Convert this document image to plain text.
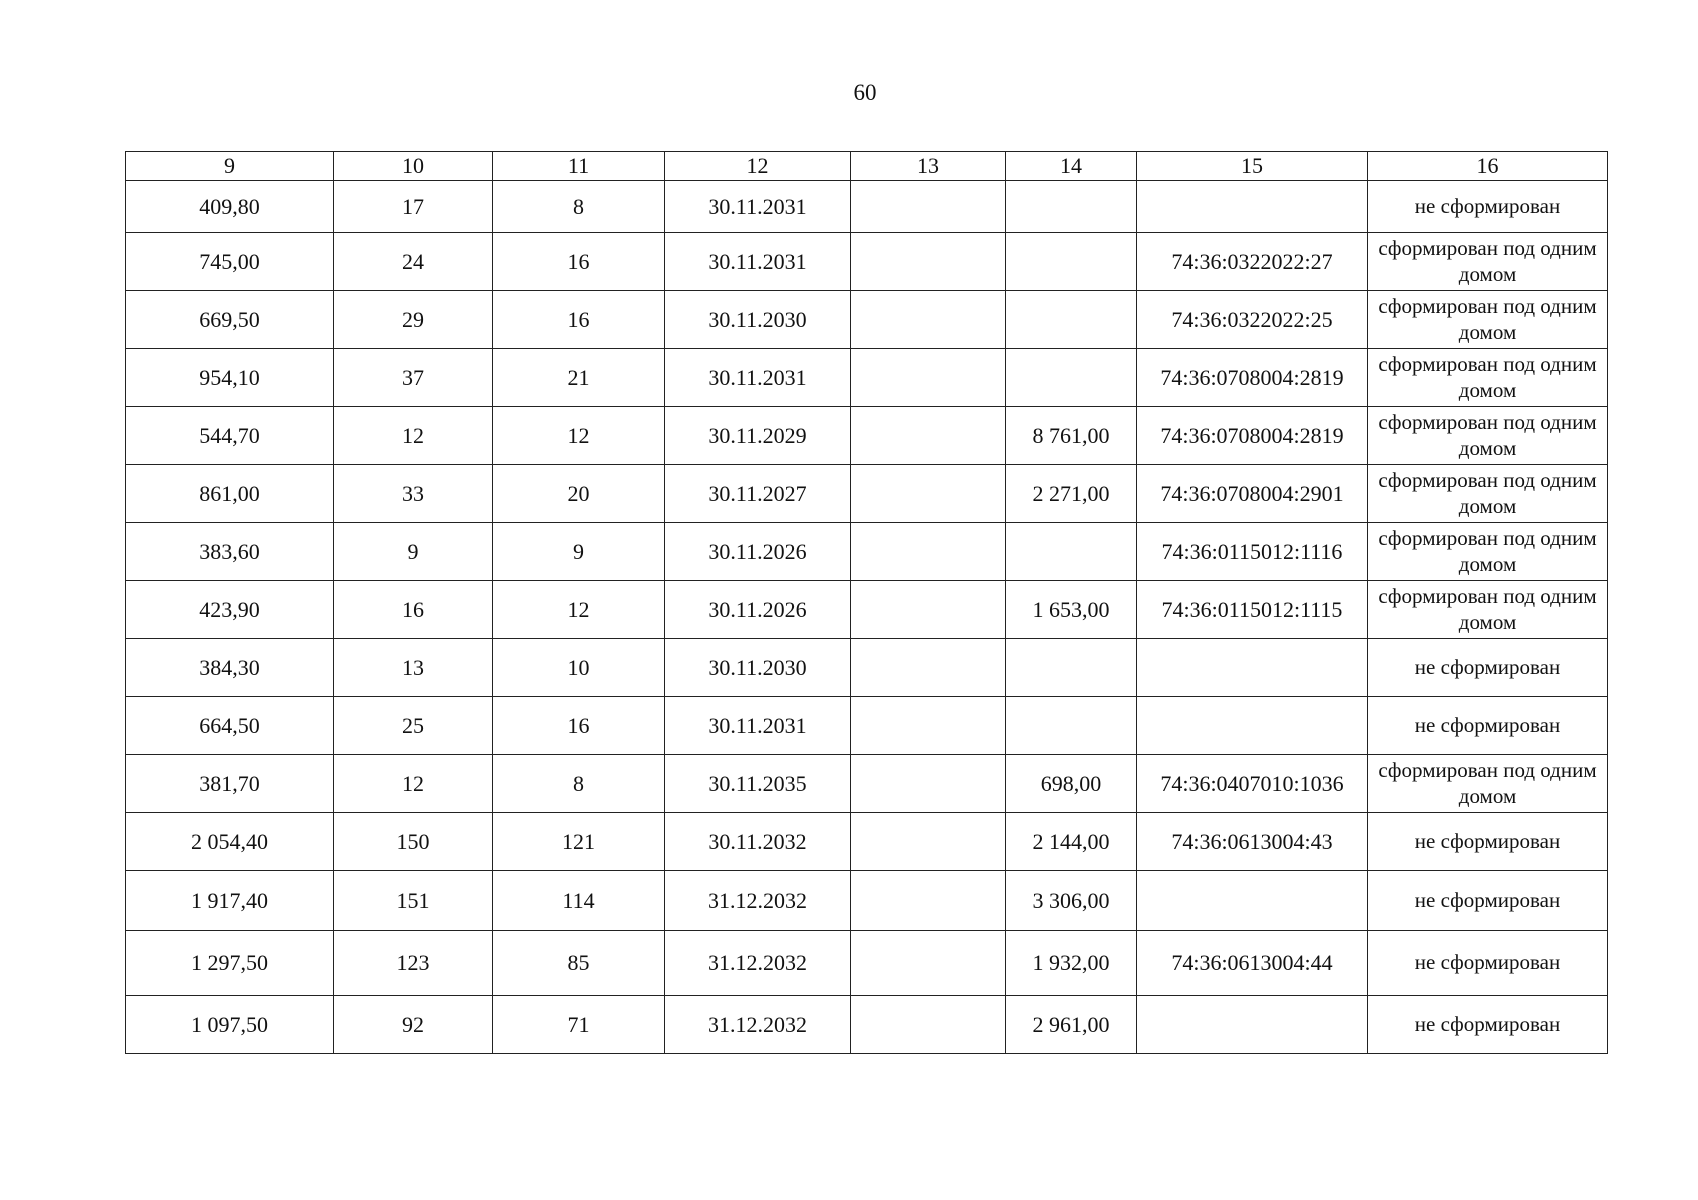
60
9	10	11	12	13	14	15	16
409,80	17	8	30.11.2031				не сформирован
745,00	24	16	30.11.2031			74:36:0322022:27	сформирован под одним домом
669,50	29	16	30.11.2030			74:36:0322022:25	сформирован под одним домом
954,10	37	21	30.11.2031			74:36:0708004:2819	сформирован под одним домом
544,70	12	12	30.11.2029		8 761,00	74:36:0708004:2819	сформирован под одним домом
861,00	33	20	30.11.2027		2 271,00	74:36:0708004:2901	сформирован под одним домом
383,60	9	9	30.11.2026			74:36:0115012:1116	сформирован под одним домом
423,90	16	12	30.11.2026		1 653,00	74:36:0115012:1115	сформирован под одним домом
384,30	13	10	30.11.2030				не сформирован
664,50	25	16	30.11.2031				не сформирован
381,70	12	8	30.11.2035		698,00	74:36:0407010:1036	сформирован под одним домом
2 054,40	150	121	30.11.2032		2 144,00	74:36:0613004:43	не сформирован
1 917,40	151	114	31.12.2032		3 306,00		не сформирован
1 297,50	123	85	31.12.2032		1 932,00	74:36:0613004:44	не сформирован
1 097,50	92	71	31.12.2032		2 961,00		не сформирован
